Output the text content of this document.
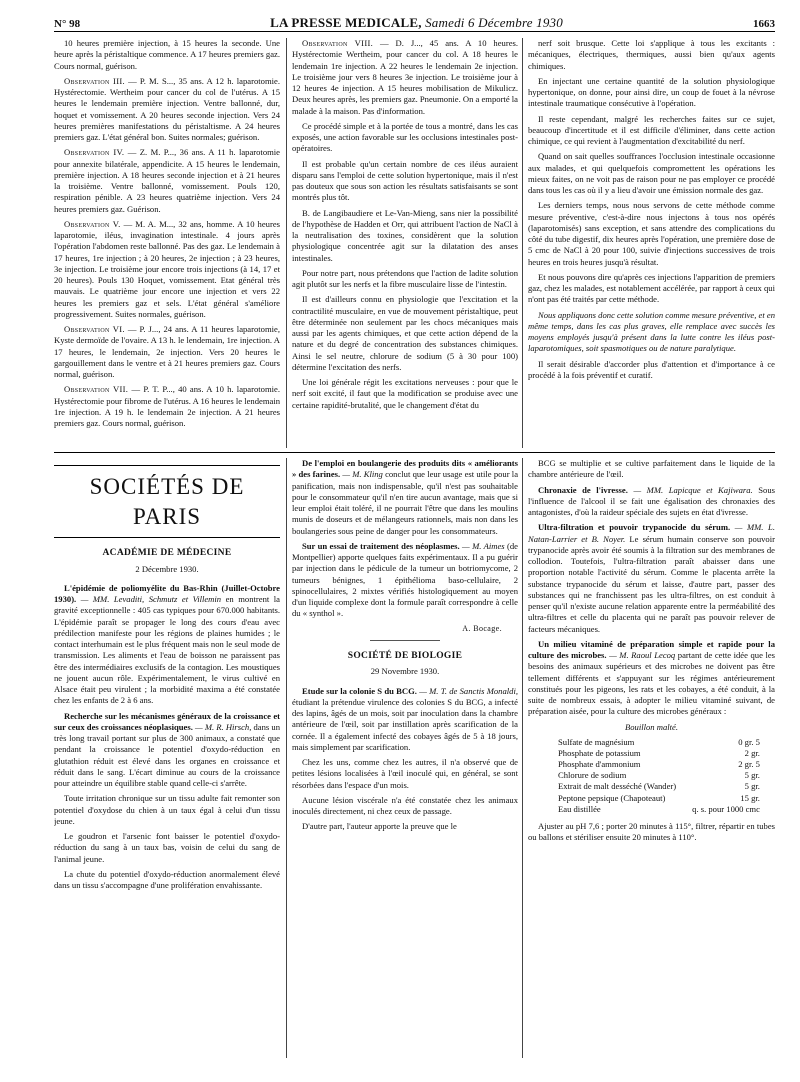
N° 98	LA PRESSE MEDICALE, Samedi 6 Décembre 1930	1663

10 heures première injection, à 15 heures la seconde. Une heure après la péristaltique commence. A 17 heures premiers gaz. Cours normal, guérison.

Observation III. — P. M. S..., 35 ans. A 12 h. laparotomie. Hystérectomie. Wertheim pour cancer du col de l'utérus. A 15 heures le lendemain première injection. Ventre ballonné, dur, hoquet et vomissement. A 20 heures seconde injection. Vers 24 heures premières manifestations du péristaltisme. A 24 heures premiers gaz. L'état général bon. Suites normales; guérison.

Observation IV. — Z. M. P..., 36 ans. A 11 h. laparotomie pour annexite bilatérale, appendicite. A 15 heures le lendemain, première injection. A 18 heures seconde injection et à 21 heures la troisième. Ventre ballonné, vomissement. Pouls 120, respiration pénible. A 23 heures quatrième injection. Vers 24 heures premiers gaz. Guérison.

Observation V. — M. A. M..., 32 ans, homme. A 10 heures laparotomie, iléus, invagination intestinale. 4 jours après l'opération l'abdomen reste ballonné. Pas des gaz. Le lendemain à 17 heures, 1re injection ; à 20 heures, 2e injection ; à 23 heures, 3e injection. Le troisième jour encore trois injections (à 14, 17 et 20 heures). Pouls 130 Hoquet, vomissement. Etat général très mauvais. Le quatrième jour encore une injection et vers 22 heures les premiers gaz et sels. L'état général s'améliore progressivement. Suites normales, guérison.

Observation VI. — P. J..., 24 ans. A 11 heures laparotomie, Kyste dermoïde de l'ovaire. A 13 h. le lendemain, 1re injection. A 17 heures, le lendemain, 2e injection. Vers 20 heures le gargouillement dans le ventre et à 21 heures premiers gaz. Cours normal, guérison.

Observation VII. — P. T. P..., 40 ans. A 10 h. laparotomie. Hystérectomie pour fibrome de l'utérus. A 16 heures le lendemain 1re injection. A 19 h. le lendemain 2e injection. A 21 heures premiers gaz. Cours normal, guérison.

Observation VIII. — D. J..., 45 ans. A 10 heures. Hystérectomie Wertheim, pour cancer du col. A 18 heures le lendemain 1re injection. A 22 heures le lendemain 2e injection. Le troisième jour vers 8 heures 3e injection. Le troisième jour à 12 heures 4e injection. A 15 heures mobilisation de Mikulicz. Deux heures après, les premiers gaz. Pneumonie. On a emporté la malade à la maison. Pas d'information.

Ce procédé simple et à la portée de tous a montré, dans les cas exposés, une action favorable sur les occlusions intestinales post-opératoires.

Il est probable qu'un certain nombre de ces iléus auraient disparu sans l'emploi de cette solution hypertonique, mais il n'est pas douteux que sous son action les résultats satisfaisants se sont montrés plus tôt.

B. de Langibaudiere et Le-Van-Mieng, sans nier la possibilité de l'hypothèse de Hadden et Orr, qui attribuent l'action de NaCl à la neutralisation des toxines, considèrent que la solution physiologique concentrée agit sur la dilatation des anses intestinales.

Pour notre part, nous prétendons que l'action de ladite solution agit plutôt sur les nerfs et la fibre musculaire lisse de l'intestin.

Il est d'ailleurs connu en physiologie que l'excitation et la contractilité musculaire, en vue de mouvement péristaltique, peut être déterminée non seulement par les chocs mécaniques mais aussi par les agents chimiques, et que cette action dépend de la nature et du degré de concentration des substances chimiques. Ainsi le sel neutre, chlorure de sodium (5 à 30 pour 100) détermine l'excitation des nerfs.

Une loi générale régit les excitations nerveuses : pour que le nerf soit excité, il faut que la modification se produise avec une certaine rapidité-brutalité, que le changement d'état du

nerf soit brusque. Cette loi s'applique à tous les excitants : mécaniques, électriques, thermiques, aussi bien qu'aux agents chimiques.

En injectant une certaine quantité de la solution physiologique hypertonique, on donne, pour ainsi dire, un coup de fouet à la névrose intestinale traumatique consécutive à l'opération.

Il reste cependant, malgré les recherches faites sur ce sujet, beaucoup d'incertitude et il est difficile d'éliminer, dans cette action chimique, ce qui revient à l'augmentation d'excitabilité du nerf.

Quand on sait quelles souffrances l'occlusion intestinale occasionne aux malades, et qui quelquefois compromettent les opérations les mieux faites, on ne voit pas de raison pour ne pas employer ce procédé dans tous les cas où il y a lieu d'avoir une émission normale des gaz.

Les derniers temps, nous nous servons de cette méthode comme mesure préventive, c'est-à-dire nous injectons à tous nos opérés (laparotomisés) sans exception, et sans attendre des complications du côté du tube digestif, dix heures après l'opération, une première dose de 5 cmc de NaCl à 20 pour 100, suivie d'injections successives de trois heures en trois heures jusqu'à résultat.

Et nous pouvons dire qu'après ces injections l'apparition de premiers gaz, chez les malades, est notablement accélérée, par rapport à ceux qui n'ont pas été traités par cette méthode.

Nous appliquons donc cette solution comme mesure préventive, et en même temps, dans les cas plus graves, elle remplace avec succès les moyens employés jusqu'à présent dans la lutte contre les iléus post-laparotomiques, soit spasmotiques ou de nature paralytique.

Il serait désirable d'accorder plus d'attention et d'importance à ce procédé à la fois préventif et curatif.

SOCIÉTÉS DE PARIS
ACADÉMIE DE MÉDECINE
2 Décembre 1930.

L'épidémie de poliomyélite du Bas-Rhin (Juillet-Octobre 1930). — MM. Levaditi, Schmutz et Villemin en montrent la gravité exceptionnelle : 405 cas typiques pour 670.000 habitants. L'épidémie paraît se propager le long des cours d'eau avec prédilection manifeste pour les régions de plaines humides ; le contact interhumain est le plus fréquent mais non le seul mode de transmission. Les aliments et l'eau de boisson ne paraissent pas être des intermédiaires exclusifs de la contagion. Les moustiques ne jouent aucun rôle. Expérimentalement, le virus cultivé en Alsace était peu virulent ; la morbidité maxima a été constatée chez les enfants de 2 à 6 ans.

Recherche sur les mécanismes généraux de la croissance et sur ceux des croissances néoplasiques. — M. R. Hirsch, dans un très long travail portant sur plus de 300 animaux, a constaté que pendant la croissance le potentiel d'oxydo-réduction en glutathion réduit est élevé dans les organes en croissance et réduit dans le sang. L'écart diminue au cours de la croissance pour atteindre un équilibre stable quand celle-ci s'arrête.

Toute irritation chronique sur un tissu adulte fait remonter son potentiel d'oxydose du chien à un taux égal à celui d'un tissu jeune.

Le goudron et l'arsenic font baisser le potentiel d'oxydo-réduction du sang à un taux bas, voisin de celui du sang de l'animal jeune.

La chute du potentiel d'oxydo-réduction anormalement élevé dans un tissu s'accompagne d'une prolifération envahissante.

De l'emploi en boulangerie des produits dits « améliorants » des farines. — M. Kling conclut que leur usage est utile pour la panification, mais non indispensable, qu'il n'est pas souhaitable pour le consommateur qu'il n'en tire aucun avantage, mais que si leur emploi était toléré, il ne pourrait l'être que dans les moulins munis de doseurs et de mélangeurs rationnels, mais non dans les boulangeries sous peine de danger pour les consommateurs.

Sur un essai de traitement des néoplasmes. — M. Aimes (de Montpellier) apporte quelques faits expérimentaux. Il a pu guérir par injection dans le pédicule de la tumeur un botriomycome, 2 tumeurs bénignes, 1 épithélioma baso-cellulaire, 2 spinocellulaires, 2 mixtes vérifiés histologiquement au moyen d'un liquide complexe dont la formule paraît correspondre à celle du « synthol ».

A. Bocage.
SOCIÉTÉ DE BIOLOGIE
29 Novembre 1930.

Etude sur la colonie S du BCG. — M. T. de Sanctis Monaldi, étudiant la prétendue virulence des colonies S du BCG, a infecté des lapins, âgés de un mois, soit par inoculation dans la chambre antérieure de l'œil, soit par instillation après scarification de la cornée. Il a également infecté des cobayes âgés de 5 à 18 jours, mais simplement par scarification.

Chez les uns, comme chez les autres, il n'a observé que de petites lésions localisées à l'œil inoculé qui, en général, se sont résorbées dans l'espace d'un mois.

Aucune lésion viscérale n'a été constatée chez les animaux inoculés directement, ni chez ceux de passage.

D'autre part, l'auteur apporte la preuve que le

BCG se multiplie et se cultive parfaitement dans le liquide de la chambre antérieure de l'œil.

Chronaxie de l'ivresse. — MM. Lapicque et Kajiwara. Sous l'influence de l'alcool il se fait une égalisation des chronaxies des antagonistes, d'où la raideur spéciale des sujets en état d'ivresse.

Ultra-filtration et pouvoir trypanocide du sérum. — MM. L. Natan-Larrier et B. Noyer. Le sérum humain conserve son pouvoir trypanocide après avoir été soumis à la filtration sur des membranes de collodion. Toutefois, l'ultra-filtration paraît abaisser dans une proportion notable l'activité du sérum. Comme le placenta arrête la substance trypanocide du sérum et laisse, d'autre part, passer des substances qui ne franchissent pas les ultra-filtres, on est conduit à penser qu'il n'existe aucune relation apparente entre la perméabilité des ultra-filtres et celle du placenta qui ne paraît pas pouvoir relever de facteurs mécaniques.

Un milieu vitaminé de préparation simple et rapide pour la culture des microbes. — M. Raoul Lecoq partant de cette idée que les besoins des animaux supérieurs et des microbes ne doivent pas être tellement différents et s'appuyant sur les régimes antérieurement constitués pour les pigeons, les rats et les cobayes, a été conduit, à la suite de nombreux essais, à adopter le milieu vitaminé suivant, de préparation aisée, pour la culture des microbes généraux :

Bouillon malté.
Sulfate de magnésium	0 gr. 5
Phosphate de potassium	2 gr.
Phosphate d'ammonium	2 gr. 5
Chlorure de sodium	5 gr.
Extrait de malt desséché (Wander)	5 gr.
Peptone pepsique (Chapoteaut)	15 gr.
Eau distillée	q. s. pour 1000 cmc

Ajuster au pH 7,6 ; porter 20 minutes à 115°, filtrer, répartir en tubes ou ballons et stériliser ensuite 20 minutes à 110°.
